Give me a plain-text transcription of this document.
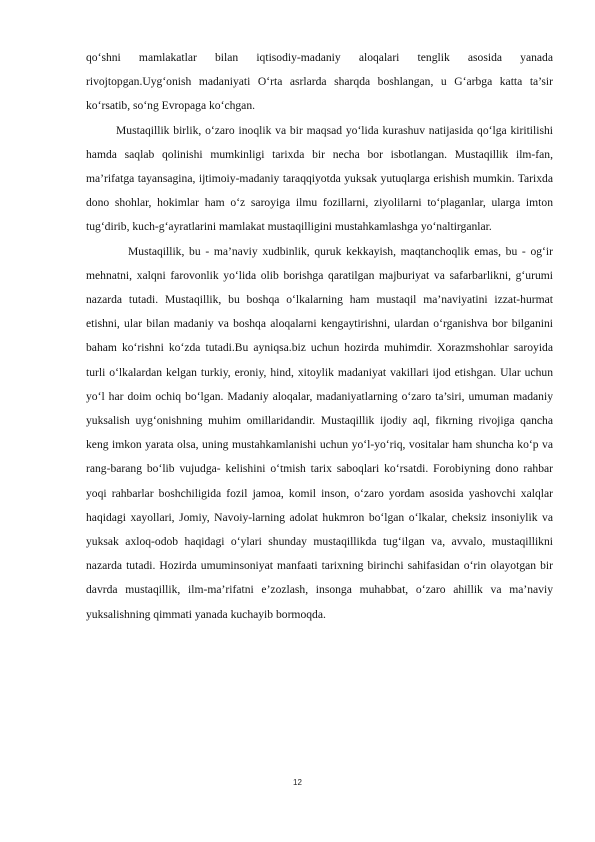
qo‘shni mamlakatlar bilan iqtisodiy-madaniy aloqalari tenglik asosida yanada rivojtopgan.Uyg‘onish madaniyati O‘rta asrlarda sharqda boshlangan, u G‘arbga katta ta’sir ko‘rsatib, so‘ng Evropaga ko‘chgan.

Mustaqillik birlik, o‘zaro inoqlik va bir maqsad yo‘lida kurashuv natijasida qo‘lga kiritilishi hamda saqlab qolinishi mumkinligi tarixda bir necha bor isbotlangan. Mustaqillik ilm-fan, ma’rifatga tayansagina, ijtimoiy-madaniy taraqqiyotda yuksak yutuqlarga erishish mumkin. Tarixda dono shohlar, hokimlar ham o‘z saroyiga ilmu fozillarni, ziyolilarni to‘plaganlar, ularga imton tug‘dirib, kuch-g‘ayratlarini mamlakat mustaqilligini mustahkamlashga yo‘naltirganlar.

Mustaqillik, bu - ma’naviy xudbinlik, quruk kekkayish, maqtanchoqlik emas, bu - og‘ir mehnatni, xalqni farovonlik yo‘lida olib borishga qaratilgan majburiyat va safarbarlikni, g‘urumi nazarda tutadi. Mustaqillik, bu boshqa o‘lkalarning ham mustaqil ma’naviyatini izzat-hurmat etishni, ular bilan madaniy va boshqa aloqalarni kengaytirishni, ulardan o‘rganishva bor bilganini baham ko‘rishni ko‘zda tutadi.Bu ayniqsa.biz uchun hozirda muhimdir. Xorazmshohlar saroyida turli o‘lkalardan kelgan turkiy, eroniy, hind, xitoylik madaniyat vakillari ijod etishgan. Ular uchun yo‘l har doim ochiq bo‘lgan. Madaniy aloqalar, madaniyatlarning o‘zaro ta’siri, umuman madaniy yuksalish uyg‘onishning muhim omillaridandir. Mustaqillik ijodiy aql, fikrning rivojiga qancha keng imkon yarata olsa, uning mustahkamlanishi uchun yo‘l-yo‘riq, vositalar ham shuncha ko‘p va rang-barang bo‘lib vujudga- kelishini o‘tmish tarix saboqlari ko‘rsatdi. Forobiyning dono rahbar yoqi rahbarlar boshchiligida fozil jamoa, komil inson, o‘zaro yordam asosida yashovchi xalqlar haqidagi xayollari, Jomiy, Navoiy-larning adolat hukmron bo‘lgan o‘lkalar, cheksiz insoniylik va yuksak axloq-odob haqidagi o‘ylari shunday mustaqillikda tug‘ilgan va, avvalo, mustaqillikni nazarda tutadi. Hozirda umuminsoniyat manfaati tarixning birinchi sahifasidan o‘rin olayotgan bir davrda mustaqillik, ilm-ma’rifatni e’zozlash, insonga muhabbat, o‘zaro ahillik va ma’naviy yuksalishning qimmati yanada kuchayib bormoqda.

12
